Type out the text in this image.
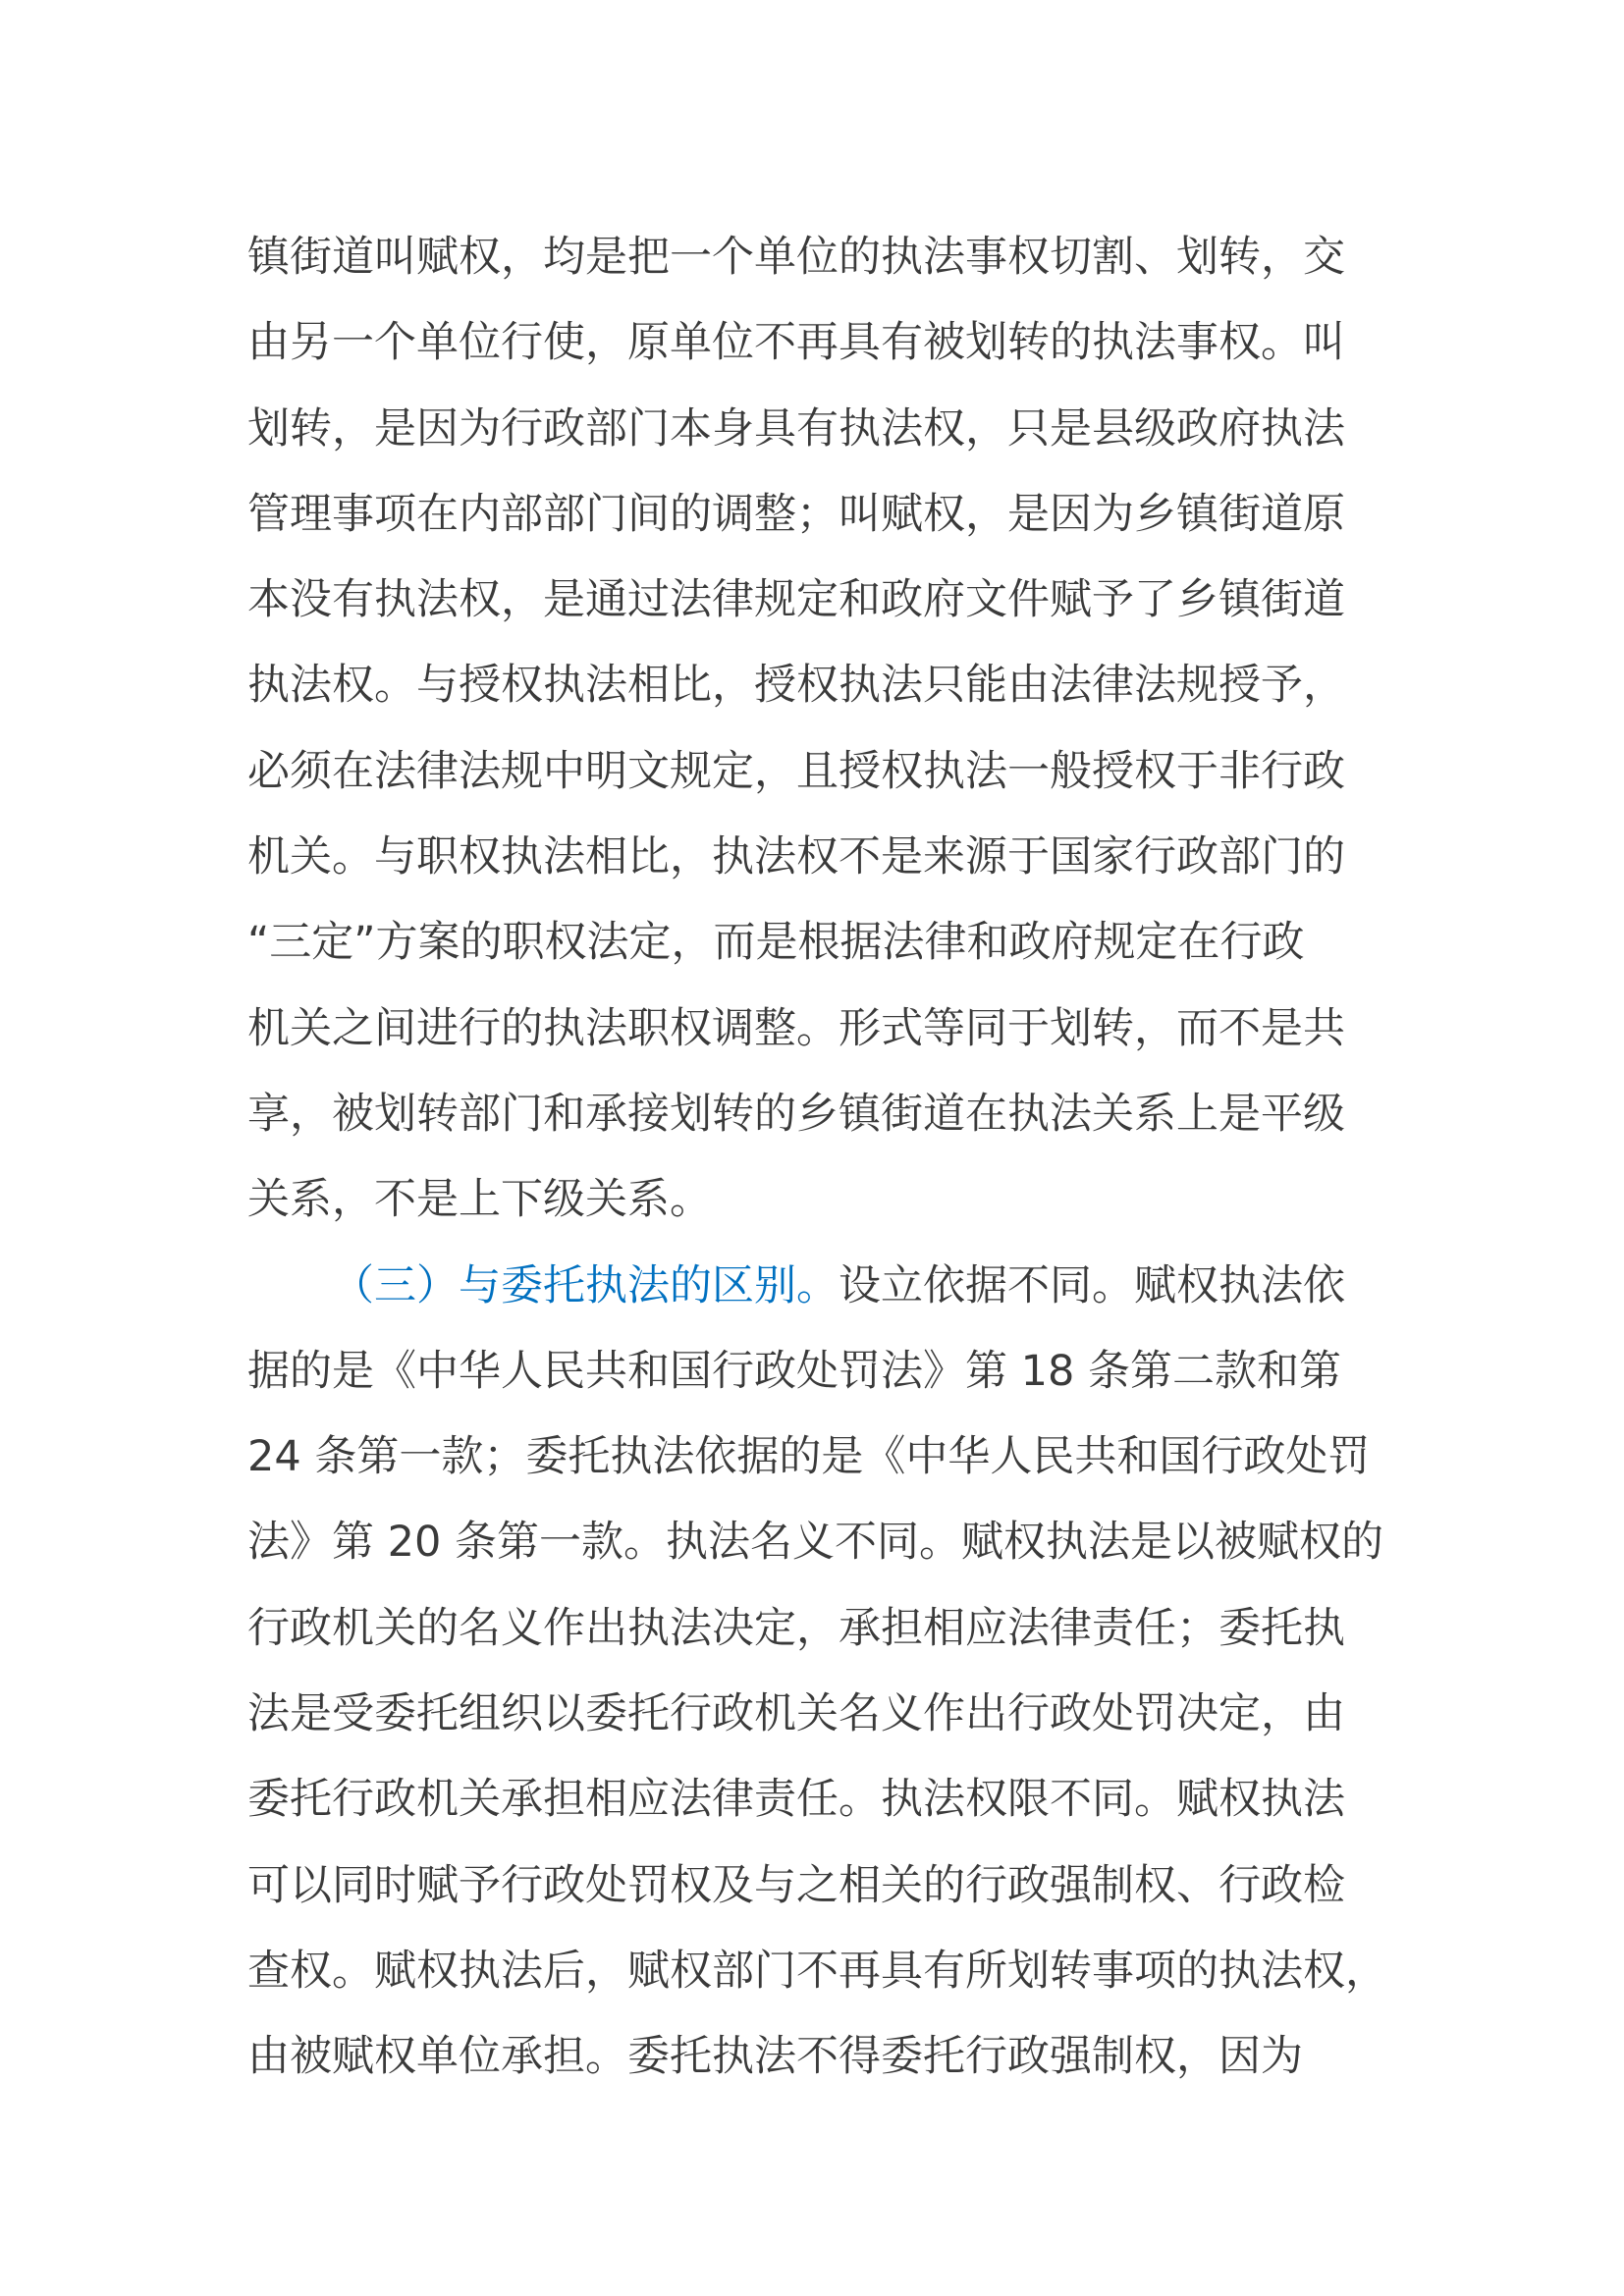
镇街道叫赋权，均是把一个单位的执法事权切割、划转，交
由另一个单位行使，原单位不再具有被划转的执法事权。叫
划转，是因为行政部门本身具有执法权，只是县级政府执法
管理事项在内部部门间的调整；叫赋权，是因为乡镇街道原
本没有执法权，是通过法律规定和政府文件赋予了乡镇街道
执法权。与授权执法相比，授权执法只能由法律法规授予，
必须在法律法规中明文规定，且授权执法一般授权于非行政
机关。与职权执法相比，执法权不是来源于国家行政部门的
“三定”方案的职权法定，而是根据法律和政府规定在行政
机关之间进行的执法职权调整。形式等同于划转，而不是共
享，被划转部门和承接划转的乡镇街道在执法关系上是平级
关系，不是上下级关系。
（三）与委托执法的区别。设立依据不同。赋权执法依
据的是《中华人民共和国行政处罚法》第 18 条第二款和第
24 条第一款；委托执法依据的是《中华人民共和国行政处罚
法》第 20 条第一款。执法名义不同。赋权执法是以被赋权的
行政机关的名义作出执法决定，承担相应法律责任；委托执
法是受委托组织以委托行政机关名义作出行政处罚决定，由
委托行政机关承担相应法律责任。执法权限不同。赋权执法
可以同时赋予行政处罚权及与之相关的行政强制权、行政检
查权。赋权执法后，赋权部门不再具有所划转事项的执法权，
由被赋权单位承担。委托执法不得委托行政强制权，因为
